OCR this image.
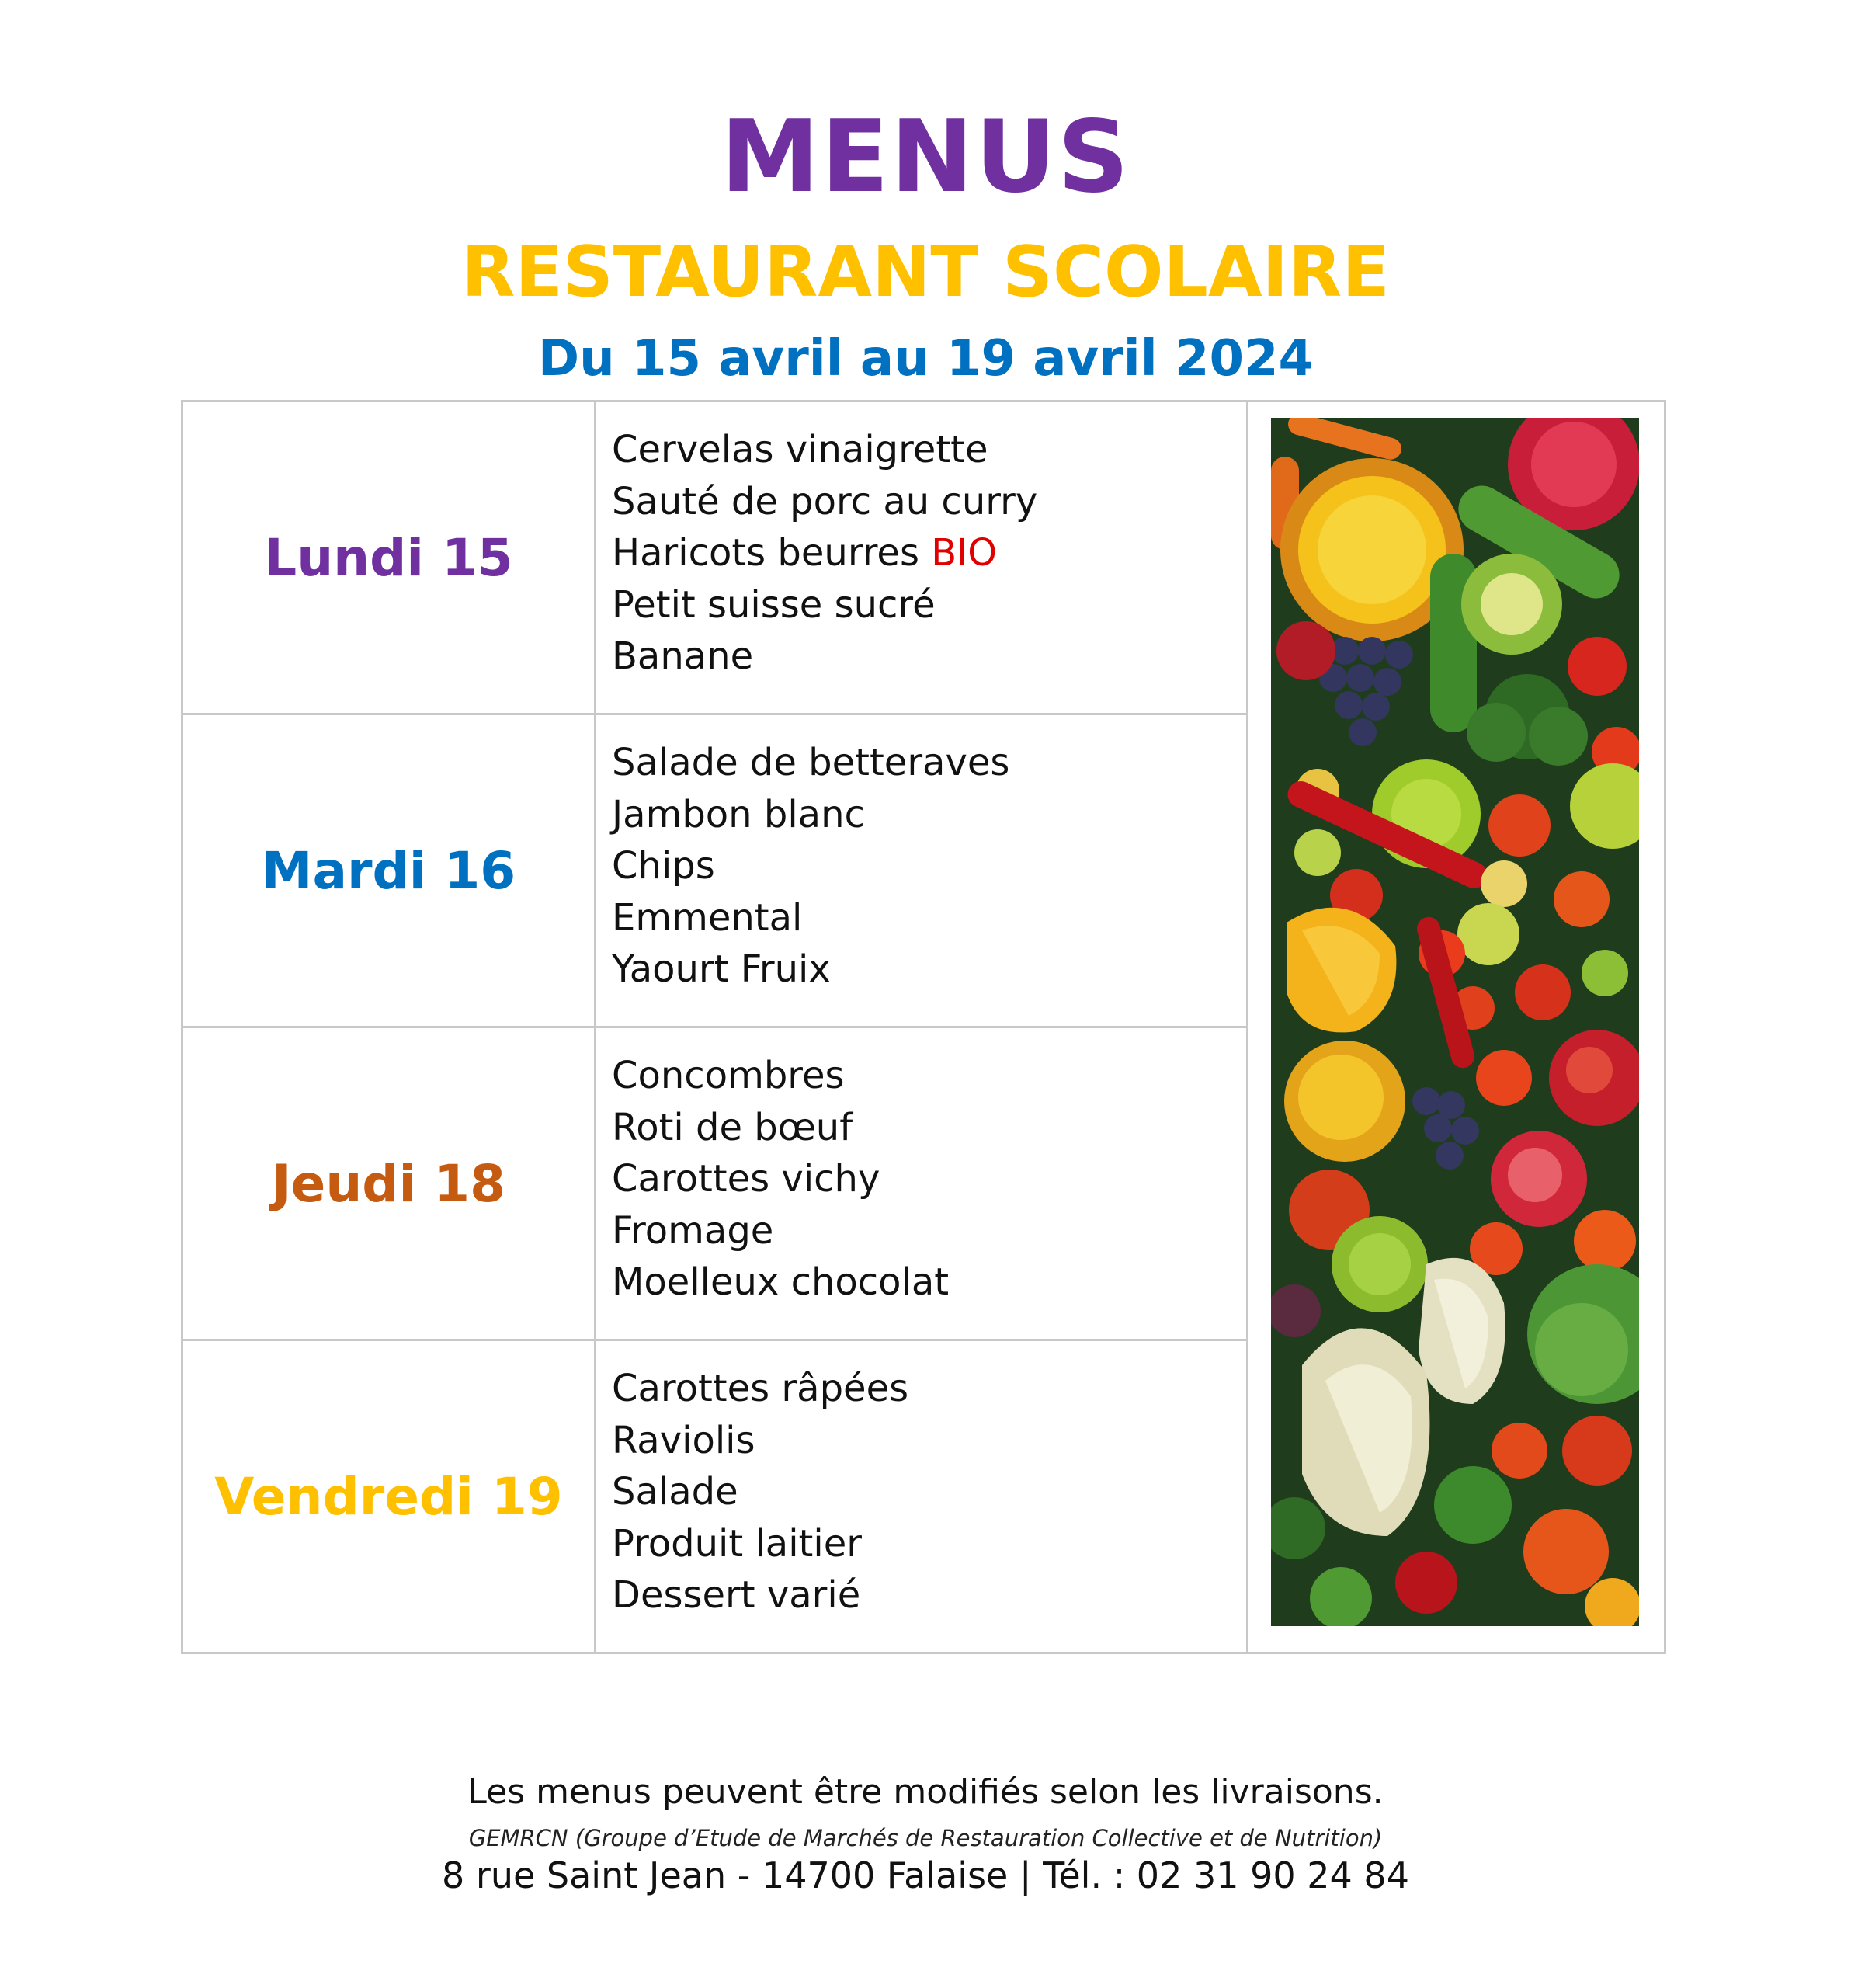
MENUS
RESTAURANT SCOLAIRE
Du 15 avril au 19 avril 2024
Lundi 15	Cervelas vinaigrette
Sauté de porc au curry
Haricots beurres BIO
Petit suisse sucré
Banane

Mardi 16	Salade de betteraves
Jambon blanc
Chips
Emmental
Yaourt Fruix	

Jeudi 18	Concombres
Roti de bœuf
Carottes vichy
Fromage
Moelleux chocolat	

Vendredi 19	Carottes râpées
Raviolis
Salade
Produit laitier
Dessert varié	

Les menus peuvent être modifiés selon les livraisons.

GEMRCN (Groupe d’Etude de Marchés de Restauration Collective et de Nutrition)

8 rue Saint Jean - 14700 Falaise | Tél. : 02 31 90 24 84
